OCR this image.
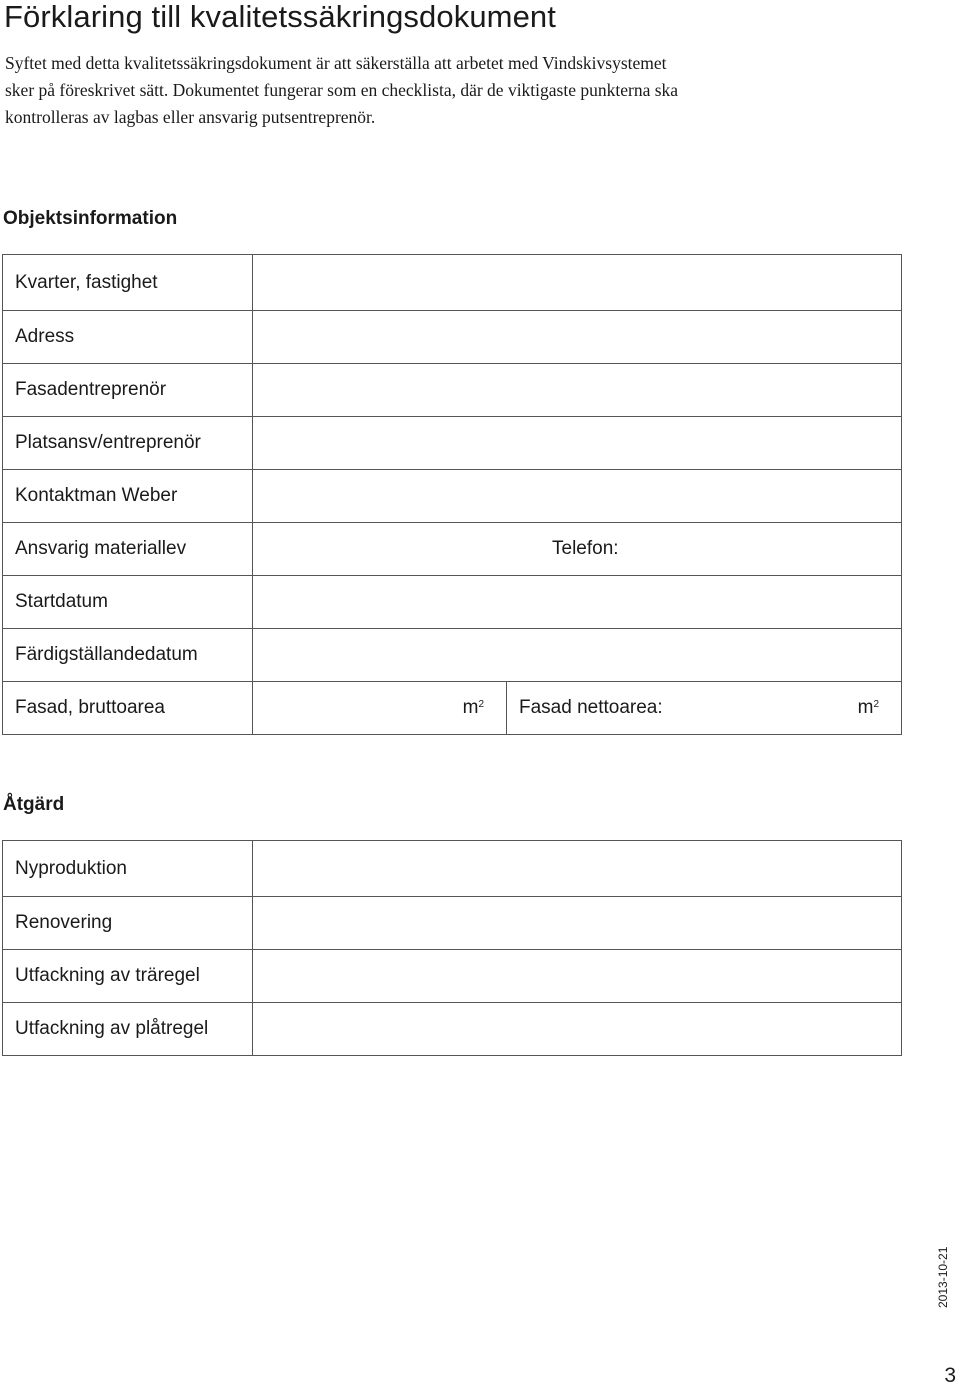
Förklaring till kvalitetssäkringsdokument

Syftet med detta kvalitetssäkringsdokument är att säkerställa att arbetet med Vindskivsystemet
sker på föreskrivet sätt. Dokumentet fungerar som en checklista, där de viktigaste punkterna ska
kontrolleras av lagbas eller ansvarig putsentreprenör.

Objektsinformation
Kvarter, fastighet		
Adress		
Fasadentreprenör		
Platsansv/entreprenör		
Kontaktman Weber		
Ansvarig materiallev	Telefon:	
Startdatum		
Färdigställandedatum		
Fasad, bruttoarea	$m^2$	Fasad nettoarea: $m^2$
Åtgärd
Nyproduktion	
Renovering	
Utfackning av träregel	
Utfackning av plåtregel	
2013-10-21
3
